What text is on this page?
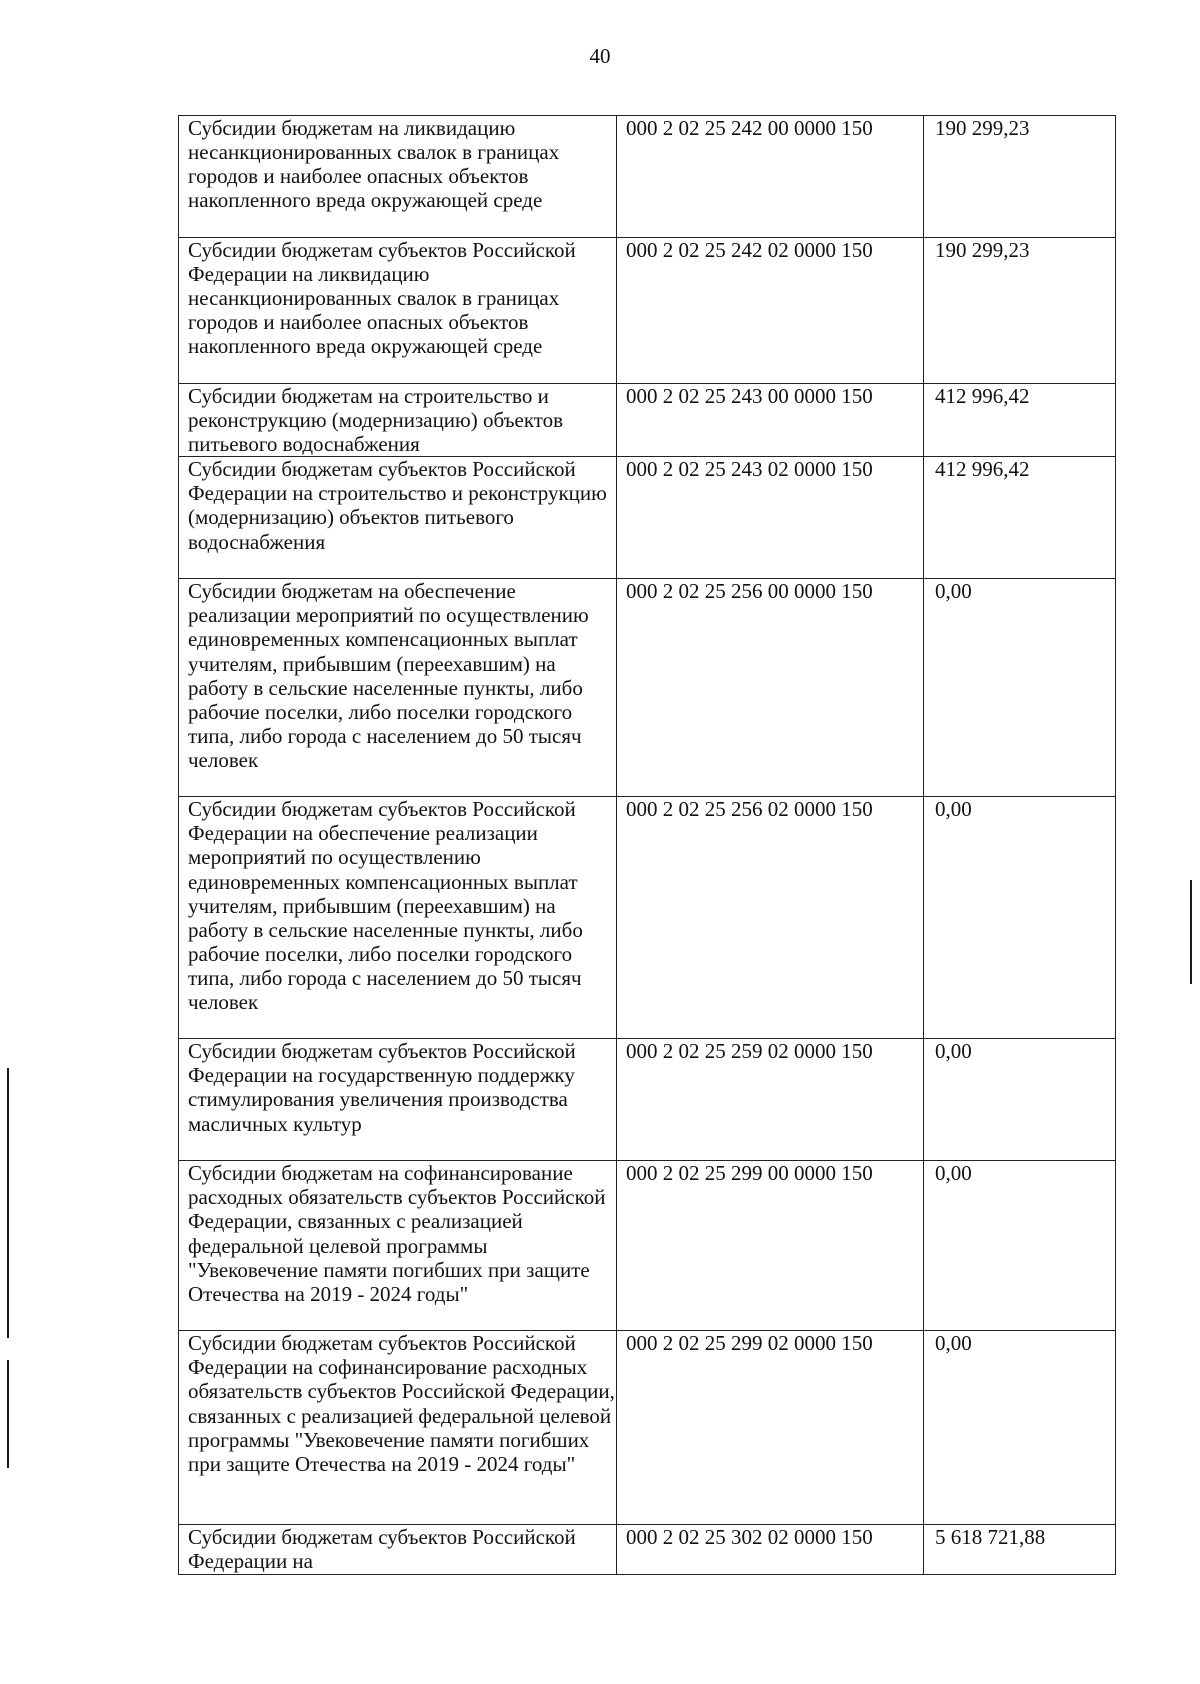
40
Субсидии бюджетам на ликвидацию несанкционированных свалок в границах городов и наиболее опасных объектов накопленного вреда окружающей среде	000 2 02 25 242 00 0000 150	190 299,23
Субсидии бюджетам субъектов Российской Федерации на ликвидацию несанкционированных свалок в границах городов и наиболее опасных объектов накопленного вреда окружающей среде	000 2 02 25 242 02 0000 150	190 299,23
Субсидии бюджетам на строительство и реконструкцию (модернизацию) объектов питьевого водоснабжения	000 2 02 25 243 00 0000 150	412 996,42
Субсидии бюджетам субъектов Российской Федерации на строительство и реконструкцию (модернизацию) объектов питьевого водоснабжения	000 2 02 25 243 02 0000 150	412 996,42
Субсидии бюджетам на обеспечение реализации мероприятий по осуществлению единовременных компенсационных выплат учителям, прибывшим (переехавшим) на работу в сельские населенные пункты, либо рабочие поселки, либо поселки городского типа, либо города с населением до 50 тысяч человек	000 2 02 25 256 00 0000 150	0,00
Субсидии бюджетам субъектов Российской Федерации на обеспечение реализации мероприятий по осуществлению единовременных компенсационных выплат учителям, прибывшим (переехавшим) на работу в сельские населенные пункты, либо рабочие поселки, либо поселки городского типа, либо города с населением до 50 тысяч человек	000 2 02 25 256 02 0000 150	0,00
Субсидии бюджетам субъектов Российской Федерации на государственную поддержку стимулирования увеличения производства масличных культур	000 2 02 25 259 02 0000 150	0,00
Субсидии бюджетам на софинансирование расходных обязательств субъектов Российской Федерации, связанных с реализацией федеральной целевой программы "Увековечение памяти погибших при защите Отечества на 2019 - 2024 годы"	000 2 02 25 299 00 0000 150	0,00
Субсидии бюджетам субъектов Российской Федерации на софинансирование расходных обязательств субъектов Российской Федерации, связанных с реализацией федеральной целевой программы "Увековечение памяти погибших при защите Отечества на 2019 - 2024 годы"	000 2 02 25 299 02 0000 150	0,00
Субсидии бюджетам субъектов Российской Федерации на	000 2 02 25 302 02 0000 150	5 618 721,88
